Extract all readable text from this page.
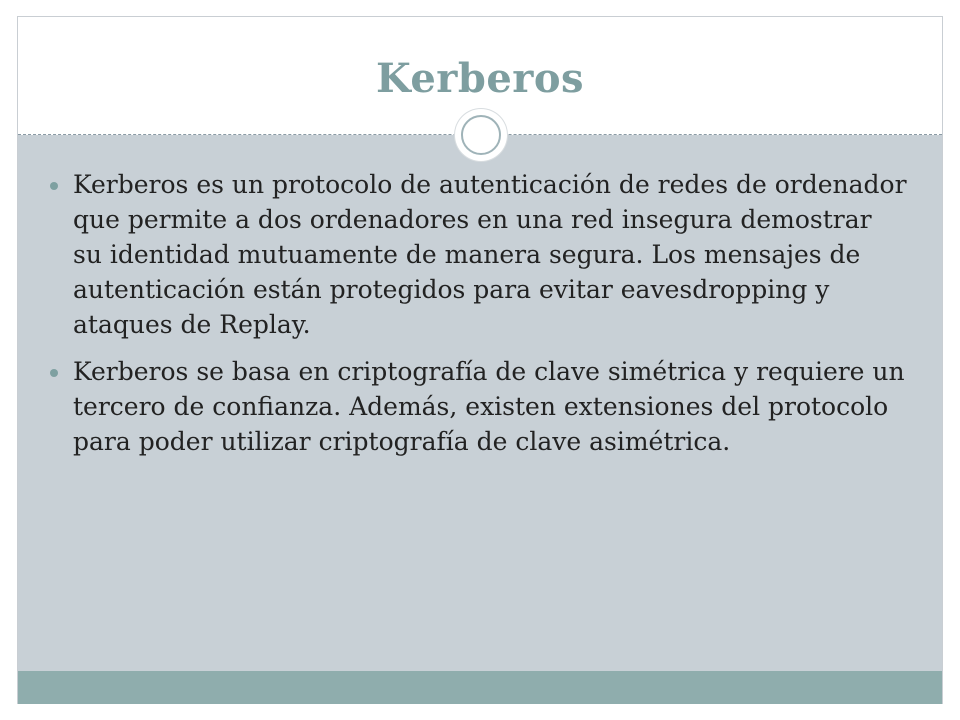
Kerberos
Kerberos es un protocolo de autenticación de redes de ordenador que permite a dos ordenadores en una red insegura demostrar su identidad mutuamente de manera segura. Los mensajes de autenticación están protegidos para evitar eavesdropping y ataques de Replay.
Kerberos se basa en criptografía de clave simétrica y requiere un tercero de confianza. Además, existen extensiones del protocolo para poder utilizar criptografía de clave asimétrica.
